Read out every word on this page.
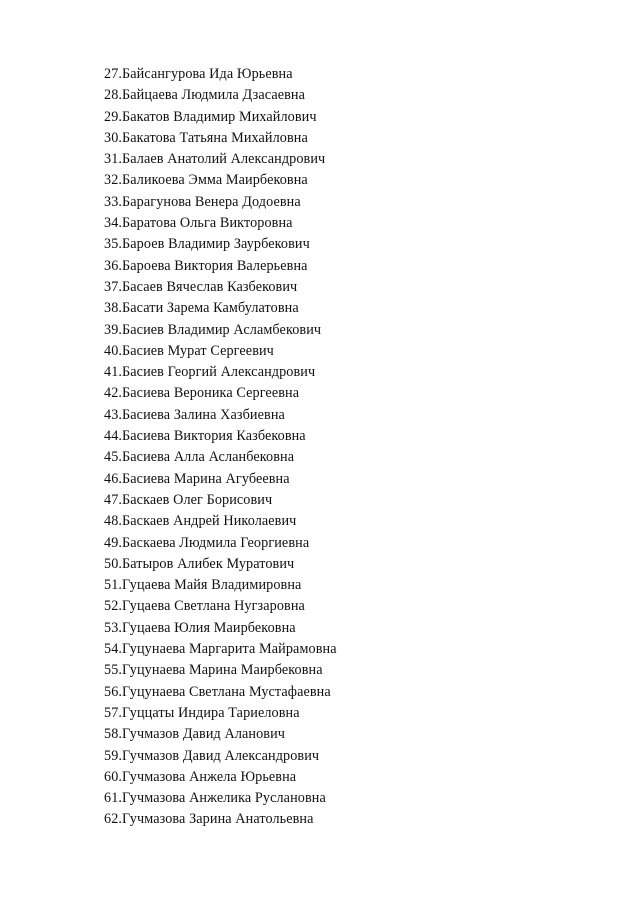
27.Байсангурова Ида Юрьевна
28.Байцаева Людмила Дзасаевна
29.Бакатов Владимир Михайлович
30.Бакатова Татьяна Михайловна
31.Балаев Анатолий Александрович
32.Баликоева Эмма Маирбековна
33.Барагунова Венера Додоевна
34.Баратова Ольга Викторовна
35.Бароев Владимир Заурбекович
36.Бароева Виктория Валерьевна
37.Басаев Вячеслав Казбекович
38.Басати Зарема Камбулатовна
39.Басиев Владимир Асламбекович
40.Басиев Мурат Сергеевич
41.Басиев Георгий Александрович
42.Басиева Вероника Сергеевна
43.Басиева Залина Хазбиевна
44.Басиева Виктория Казбековна
45.Басиева Алла Асланбековна
46.Басиева Марина Агубеевна
47.Баскаев Олег Борисович
48.Баскаев Андрей Николаевич
49.Баскаева Людмила Георгиевна
50.Батыров Алибек Муратович
51.Гуцаева Майя Владимировна
52.Гуцаева Светлана Нугзаровна
53.Гуцаева Юлия Маирбековна
54.Гуцунаева Маргарита Майрамовна
55.Гуцунаева Марина Маирбековна
56.Гуцунаева Светлана Мустафаевна
57.Гуццаты Индира Тариеловна
58.Гучмазов Давид Аланович
59.Гучмазов Давид Александрович
60.Гучмазова Анжела Юрьевна
61.Гучмазова Анжелика Руслановна
62.Гучмазова Зарина Анатольевна
